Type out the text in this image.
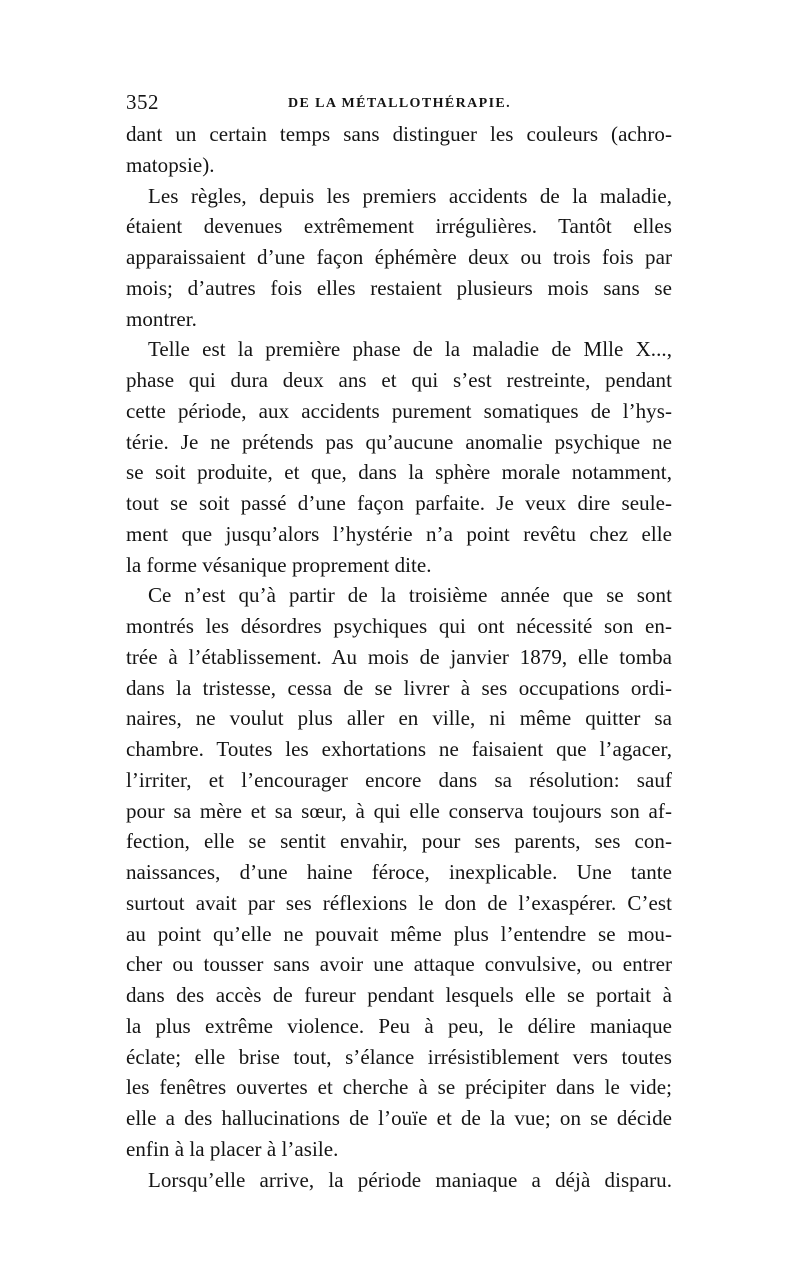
352	DE LA MÉTALLOTHÉRAPIE.
dant un certain temps sans distinguer les couleurs (achro-
matopsie).
Les règles, depuis les premiers accidents de la maladie,
étaient devenues extrêmement irrégulières. Tantôt elles
apparaissaient d’une façon éphémère deux ou trois fois par
mois; d’autres fois elles restaient plusieurs mois sans se
montrer.
Telle est la première phase de la maladie de Mlle X...,
phase qui dura deux ans et qui s’est restreinte, pendant
cette période, aux accidents purement somatiques de l’hys-
térie. Je ne prétends pas qu’aucune anomalie psychique ne
se soit produite, et que, dans la sphère morale notamment,
tout se soit passé d’une façon parfaite. Je veux dire seule-
ment que jusqu’alors l’hystérie n’a point revêtu chez elle
la forme vésanique proprement dite.
Ce n’est qu’à partir de la troisième année que se sont
montrés les désordres psychiques qui ont nécessité son en-
trée à l’établissement. Au mois de janvier 1879, elle tomba
dans la tristesse, cessa de se livrer à ses occupations ordi-
naires, ne voulut plus aller en ville, ni même quitter sa
chambre. Toutes les exhortations ne faisaient que l’agacer,
l’irriter, et l’encourager encore dans sa résolution: sauf
pour sa mère et sa sœur, à qui elle conserva toujours son af-
fection, elle se sentit envahir, pour ses parents, ses con-
naissances, d’une haine féroce, inexplicable. Une tante
surtout avait par ses réflexions le don de l’exaspérer. C’est
au point qu’elle ne pouvait même plus l’entendre se mou-
cher ou tousser sans avoir une attaque convulsive, ou entrer
dans des accès de fureur pendant lesquels elle se portait à
la plus extrême violence. Peu à peu, le délire maniaque
éclate; elle brise tout, s’élance irrésistiblement vers toutes
les fenêtres ouvertes et cherche à se précipiter dans le vide;
elle a des hallucinations de l’ouïe et de la vue; on se décide
enfin à la placer à l’asile.
Lorsqu’elle arrive, la période maniaque a déjà disparu.
